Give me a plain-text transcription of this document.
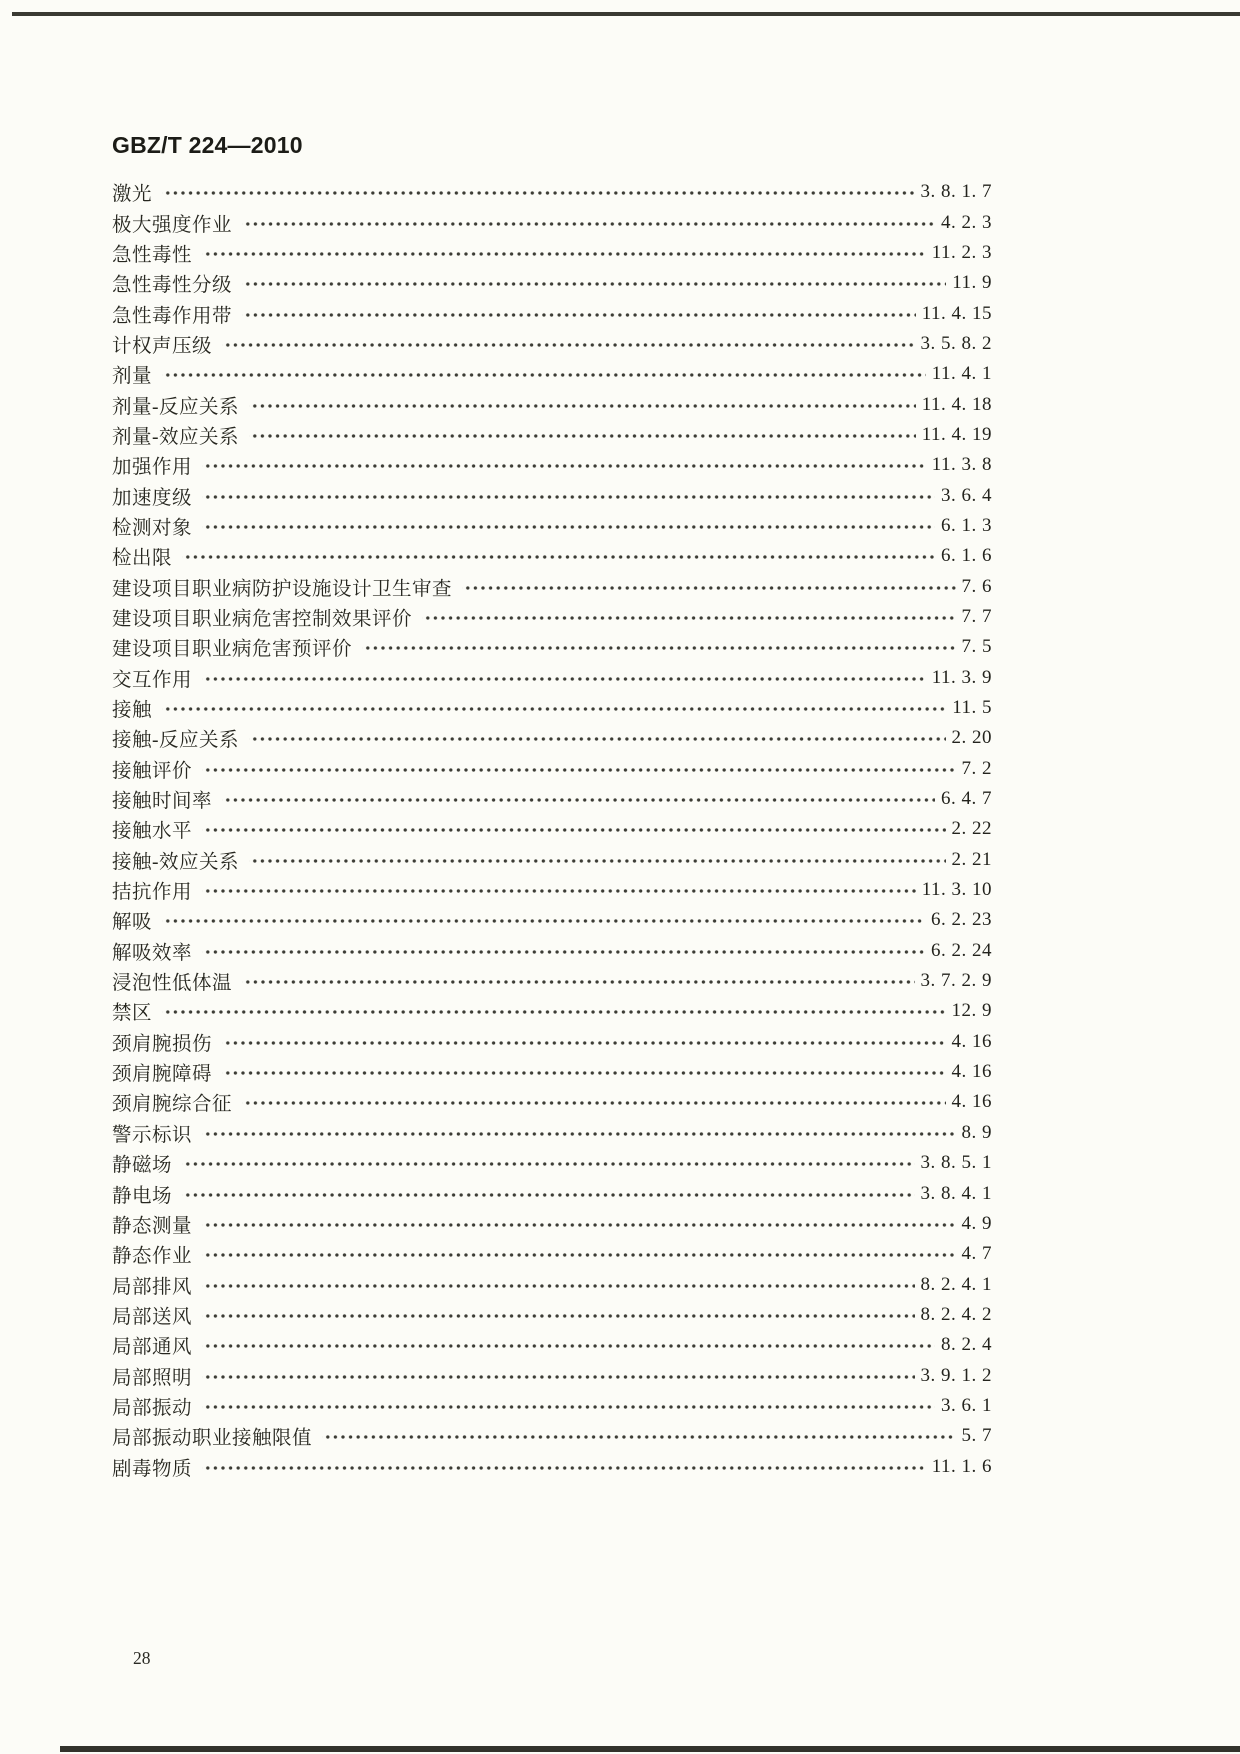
GBZ/T 224—2010
激光	3. 8. 1. 7
极大强度作业	4. 2. 3
急性毒性	11. 2. 3
急性毒性分级	11. 9
急性毒作用带	11. 4. 15
计权声压级	3. 5. 8. 2
剂量	11. 4. 1
剂量-反应关系	11. 4. 18
剂量-效应关系	11. 4. 19
加强作用	11. 3. 8
加速度级	3. 6. 4
检测对象	6. 1. 3
检出限	6. 1. 6
建设项目职业病防护设施设计卫生审查	7. 6
建设项目职业病危害控制效果评价	7. 7
建设项目职业病危害预评价	7. 5
交互作用	11. 3. 9
接触	11. 5
接触-反应关系	2. 20
接触评价	7. 2
接触时间率	6. 4. 7
接触水平	2. 22
接触-效应关系	2. 21
拮抗作用	11. 3. 10
解吸	6. 2. 23
解吸效率	6. 2. 24
浸泡性低体温	3. 7. 2. 9
禁区	12. 9
颈肩腕损伤	4. 16
颈肩腕障碍	4. 16
颈肩腕综合征	4. 16
警示标识	8. 9
静磁场	3. 8. 5. 1
静电场	3. 8. 4. 1
静态测量	4. 9
静态作业	4. 7
局部排风	8. 2. 4. 1
局部送风	8. 2. 4. 2
局部通风	8. 2. 4
局部照明	3. 9. 1. 2
局部振动	3. 6. 1
局部振动职业接触限值	5. 7
剧毒物质	11. 1. 6
28
